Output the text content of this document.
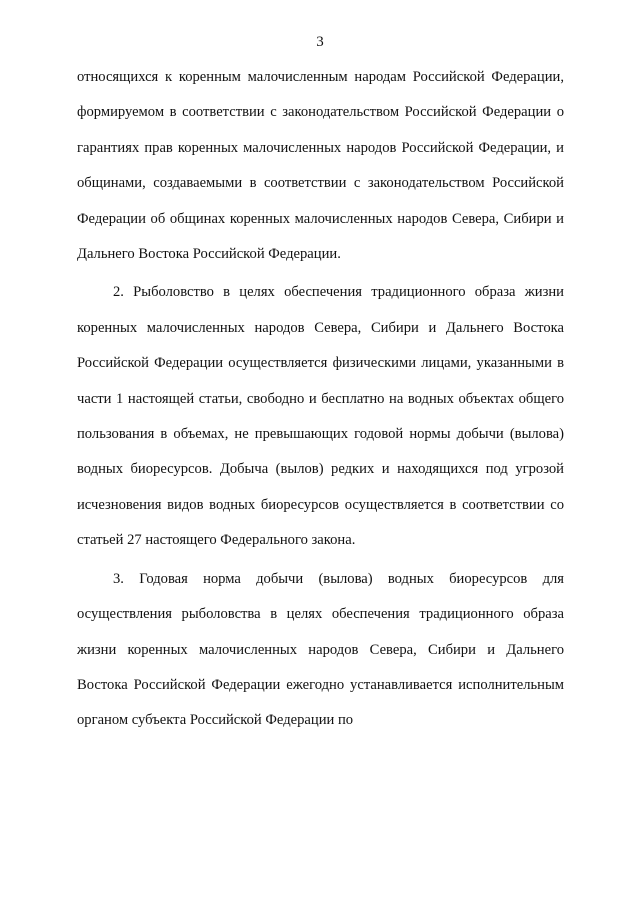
3

относящихся к коренным малочисленным народам Российской Федерации, формируемом в соответствии с законодательством Российской Федерации о гарантиях прав коренных малочисленных народов Российской Федерации, и общинами, создаваемыми в соответствии с законодательством Российской Федерации об общинах коренных малочисленных народов Севера, Сибири и Дальнего Востока Российской Федерации.

2. Рыболовство в целях обеспечения традиционного образа жизни коренных малочисленных народов Севера, Сибири и Дальнего Востока Российской Федерации осуществляется физическими лицами, указанными в части 1 настоящей статьи, свободно и бесплатно на водных объектах общего пользования в объемах, не превышающих годовой нормы добычи (вылова) водных биоресурсов. Добыча (вылов) редких и находящихся под угрозой исчезновения видов водных биоресурсов осуществляется в соответствии со статьей 27 настоящего Федерального закона.

3. Годовая норма добычи (вылова) водных биоресурсов для осуществления рыболовства в целях обеспечения традиционного образа жизни коренных малочисленных народов Севера, Сибири и Дальнего Востока Российской Федерации ежегодно устанавливается исполнительным органом субъекта Российской Федерации по
